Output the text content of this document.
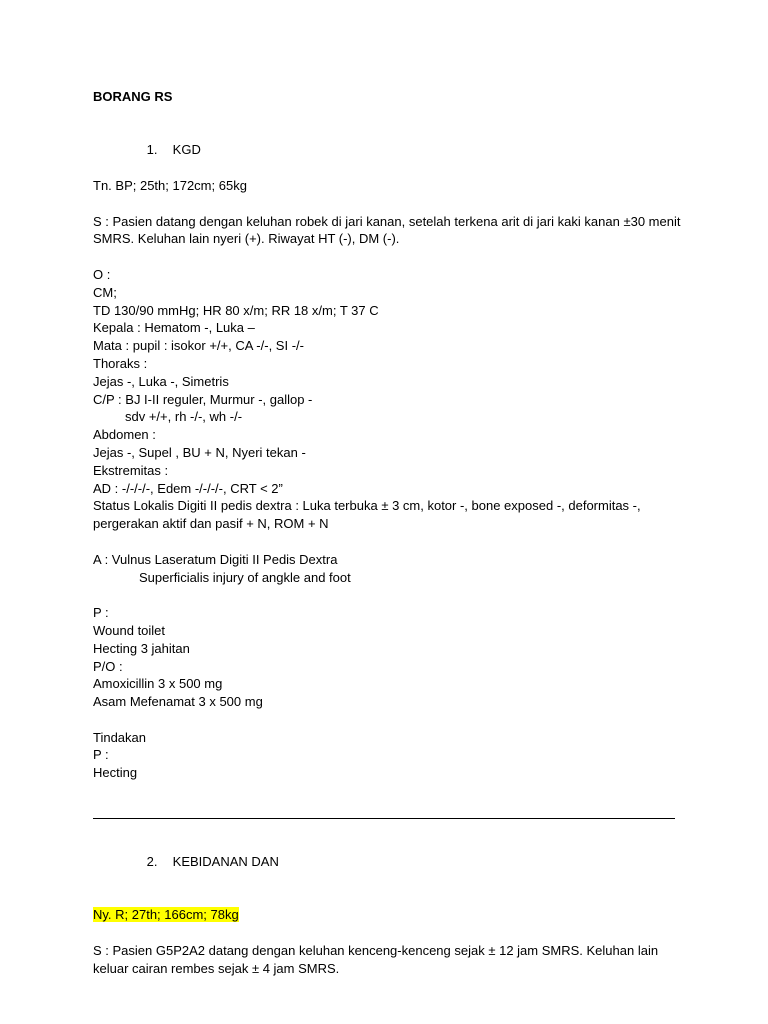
BORANG RS

1. KGD

Tn. BP; 25th; 172cm; 65kg
S : Pasien datang dengan keluhan robek di jari kanan, setelah terkena arit di jari kaki kanan ±30 menit SMRS. Keluhan lain nyeri (+). Riwayat HT (-), DM (-).
O :
CM;
TD 130/90 mmHg; HR 80 x/m; RR 18 x/m; T 37 C
Kepala : Hematom -, Luka –
Mata : pupil : isokor +/+, CA -/-, SI -/-
Thoraks :
Jejas -, Luka -, Simetris
C/P : BJ I-II reguler, Murmur -, gallop -
sdv +/+, rh -/-, wh -/-
Abdomen :
Jejas -, Supel , BU + N, Nyeri tekan -
Ekstremitas :
AD : -/-/-/-, Edem -/-/-/-, CRT < 2”
Status Lokalis Digiti II pedis dextra : Luka terbuka ± 3 cm, kotor -, bone exposed -, deformitas -, pergerakan aktif dan pasif + N, ROM + N
A : Vulnus Laseratum Digiti II Pedis Dextra
Superficialis injury of angkle and foot
P :
Wound toilet
Hecting 3 jahitan
P/O :
Amoxicillin 3 x 500 mg
Asam Mefenamat 3 x 500 mg
Tindakan
P :
Hecting

2. KEBIDANAN DAN

Ny. R; 27th; 166cm; 78kg
S : Pasien G5P2A2 datang dengan keluhan kenceng-kenceng sejak ± 12 jam SMRS. Keluhan lain keluar cairan rembes sejak ± 4 jam SMRS.
